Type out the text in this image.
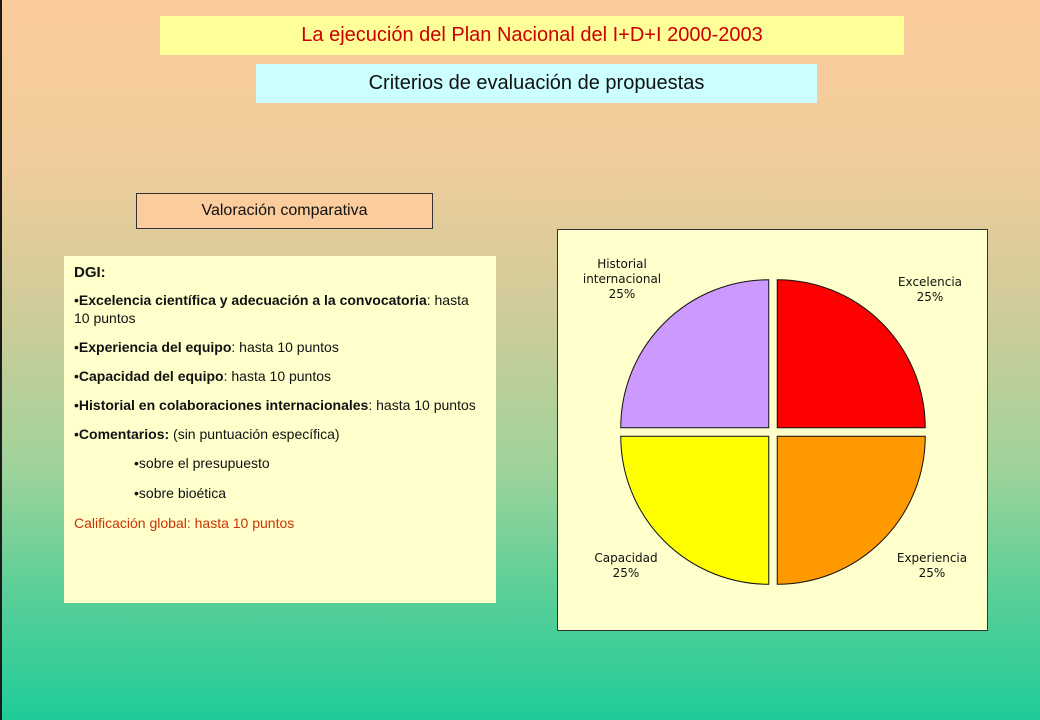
La ejecución del Plan Nacional del I+D+I 2000-2003
Criterios de evaluación de propuestas
Valoración comparativa

DGI:

•Excelencia científica y adecuación a la convocatoria: hasta 10 puntos

•Experiencia del equipo: hasta 10 puntos

•Capacidad del equipo: hasta 10 puntos

•Historial en colaboraciones internacionales: hasta 10 puntos

•Comentarios: (sin puntuación específica)

•sobre el presupuesto

•sobre bioética

Calificación global: hasta 10 puntos

Excelencia 25%
Experiencia 25%
Capacidad 25%
Historial internacional 25%
